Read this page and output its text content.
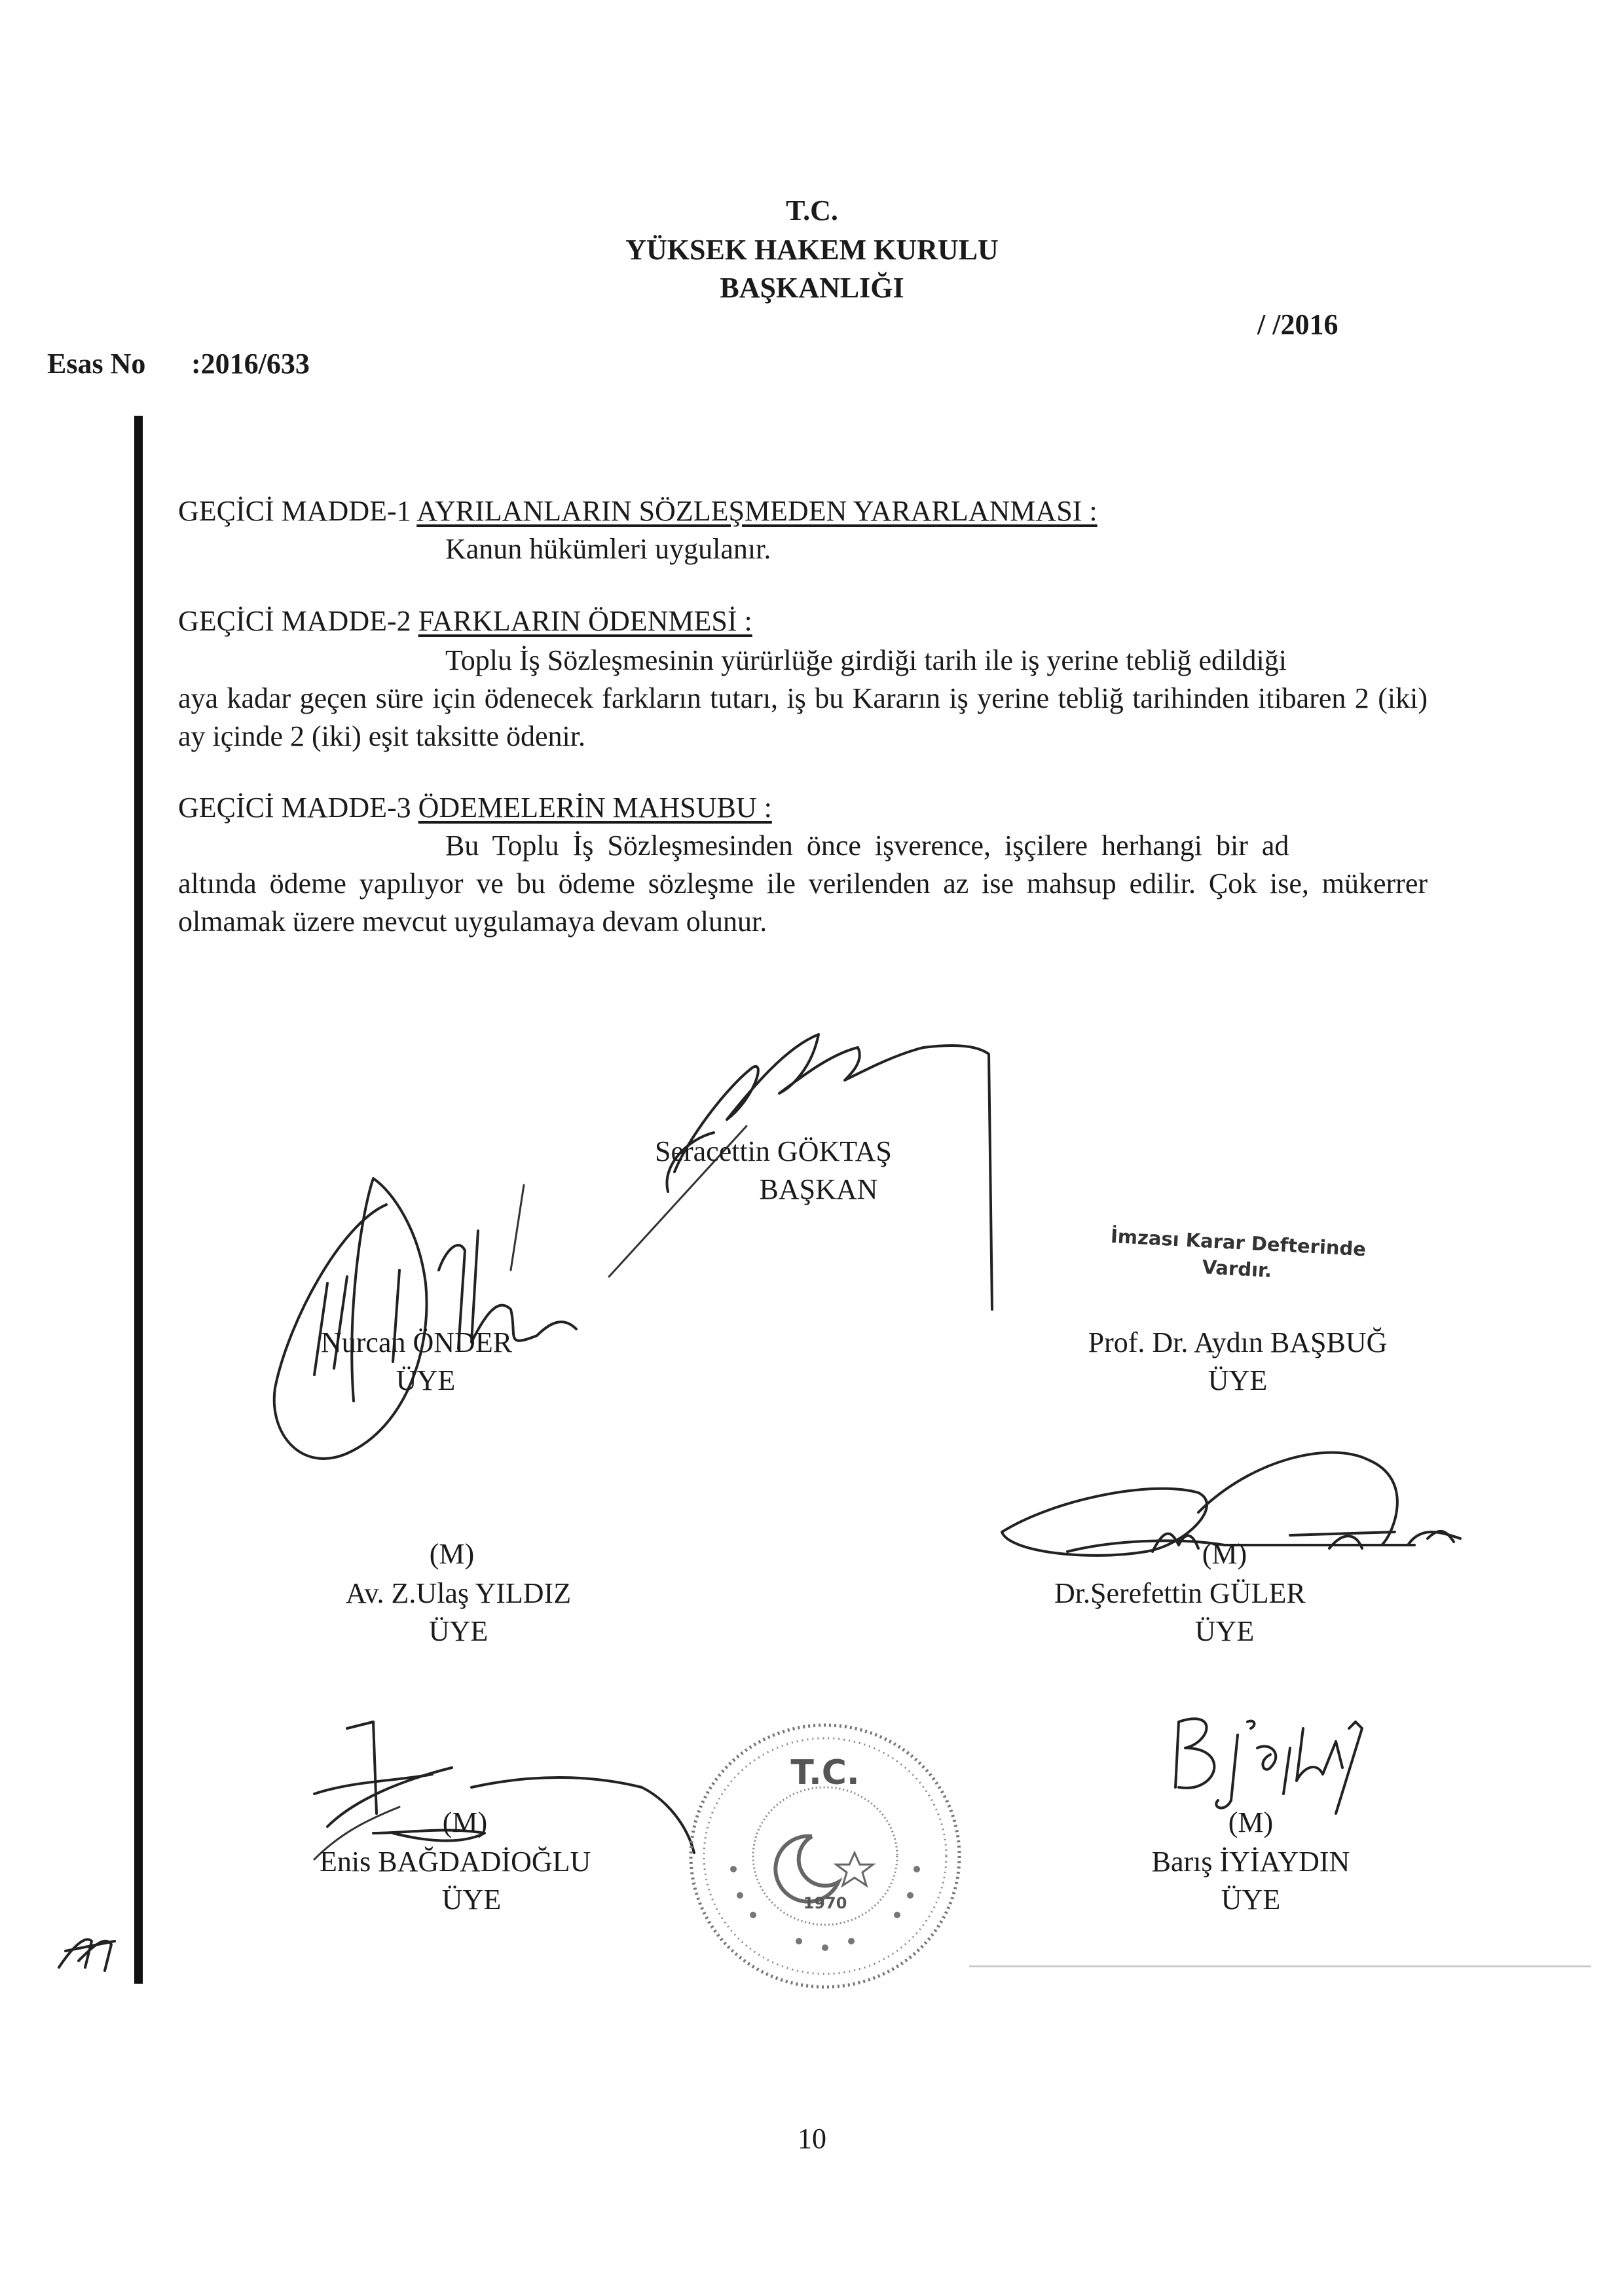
T.C.
YÜKSEK HAKEM KURULU
BAŞKANLIĞI
/ /2016
Esas No :2016/633
GEÇİCİ MADDE-1 AYRILANLARIN SÖZLEŞMEDEN YARARLANMASI :
Kanun hükümleri uygulanır.
GEÇİCİ MADDE-2 FARKLARIN ÖDENMESİ :
Toplu İş Sözleşmesinin yürürlüğe girdiği tarih ile iş yerine tebliğ edildiği
aya kadar geçen süre için ödenecek farkların tutarı, iş bu Kararın iş yerine tebliğ tarihinden itibaren 2 (iki) ay içinde 2 (iki) eşit taksitte ödenir.
GEÇİCİ MADDE-3 ÖDEMELERİN MAHSUBU :
Bu Toplu İş Sözleşmesinden önce işverence, işçilere herhangi bir ad
altında ödeme yapılıyor ve bu ödeme sözleşme ile verilenden az ise mahsup edilir. Çok ise, mükerrer olmamak üzere mevcut uygulamaya devam olunur.
Seracettin GÖKTAŞ
BAŞKAN
Nurcan ÖNDER
ÜYE
İmzası Karar Defterinde
Vardır.
Prof. Dr. Aydın BAŞBUĞ
ÜYE
(M)
Av. Z.Ulaş YILDIZ
ÜYE
(M)
Dr.Şerefettin GÜLER
ÜYE
(M)
Enis BAĞDADİOĞLU
ÜYE
T.C.
1970
(M)
Barış İYİAYDIN
ÜYE
10
